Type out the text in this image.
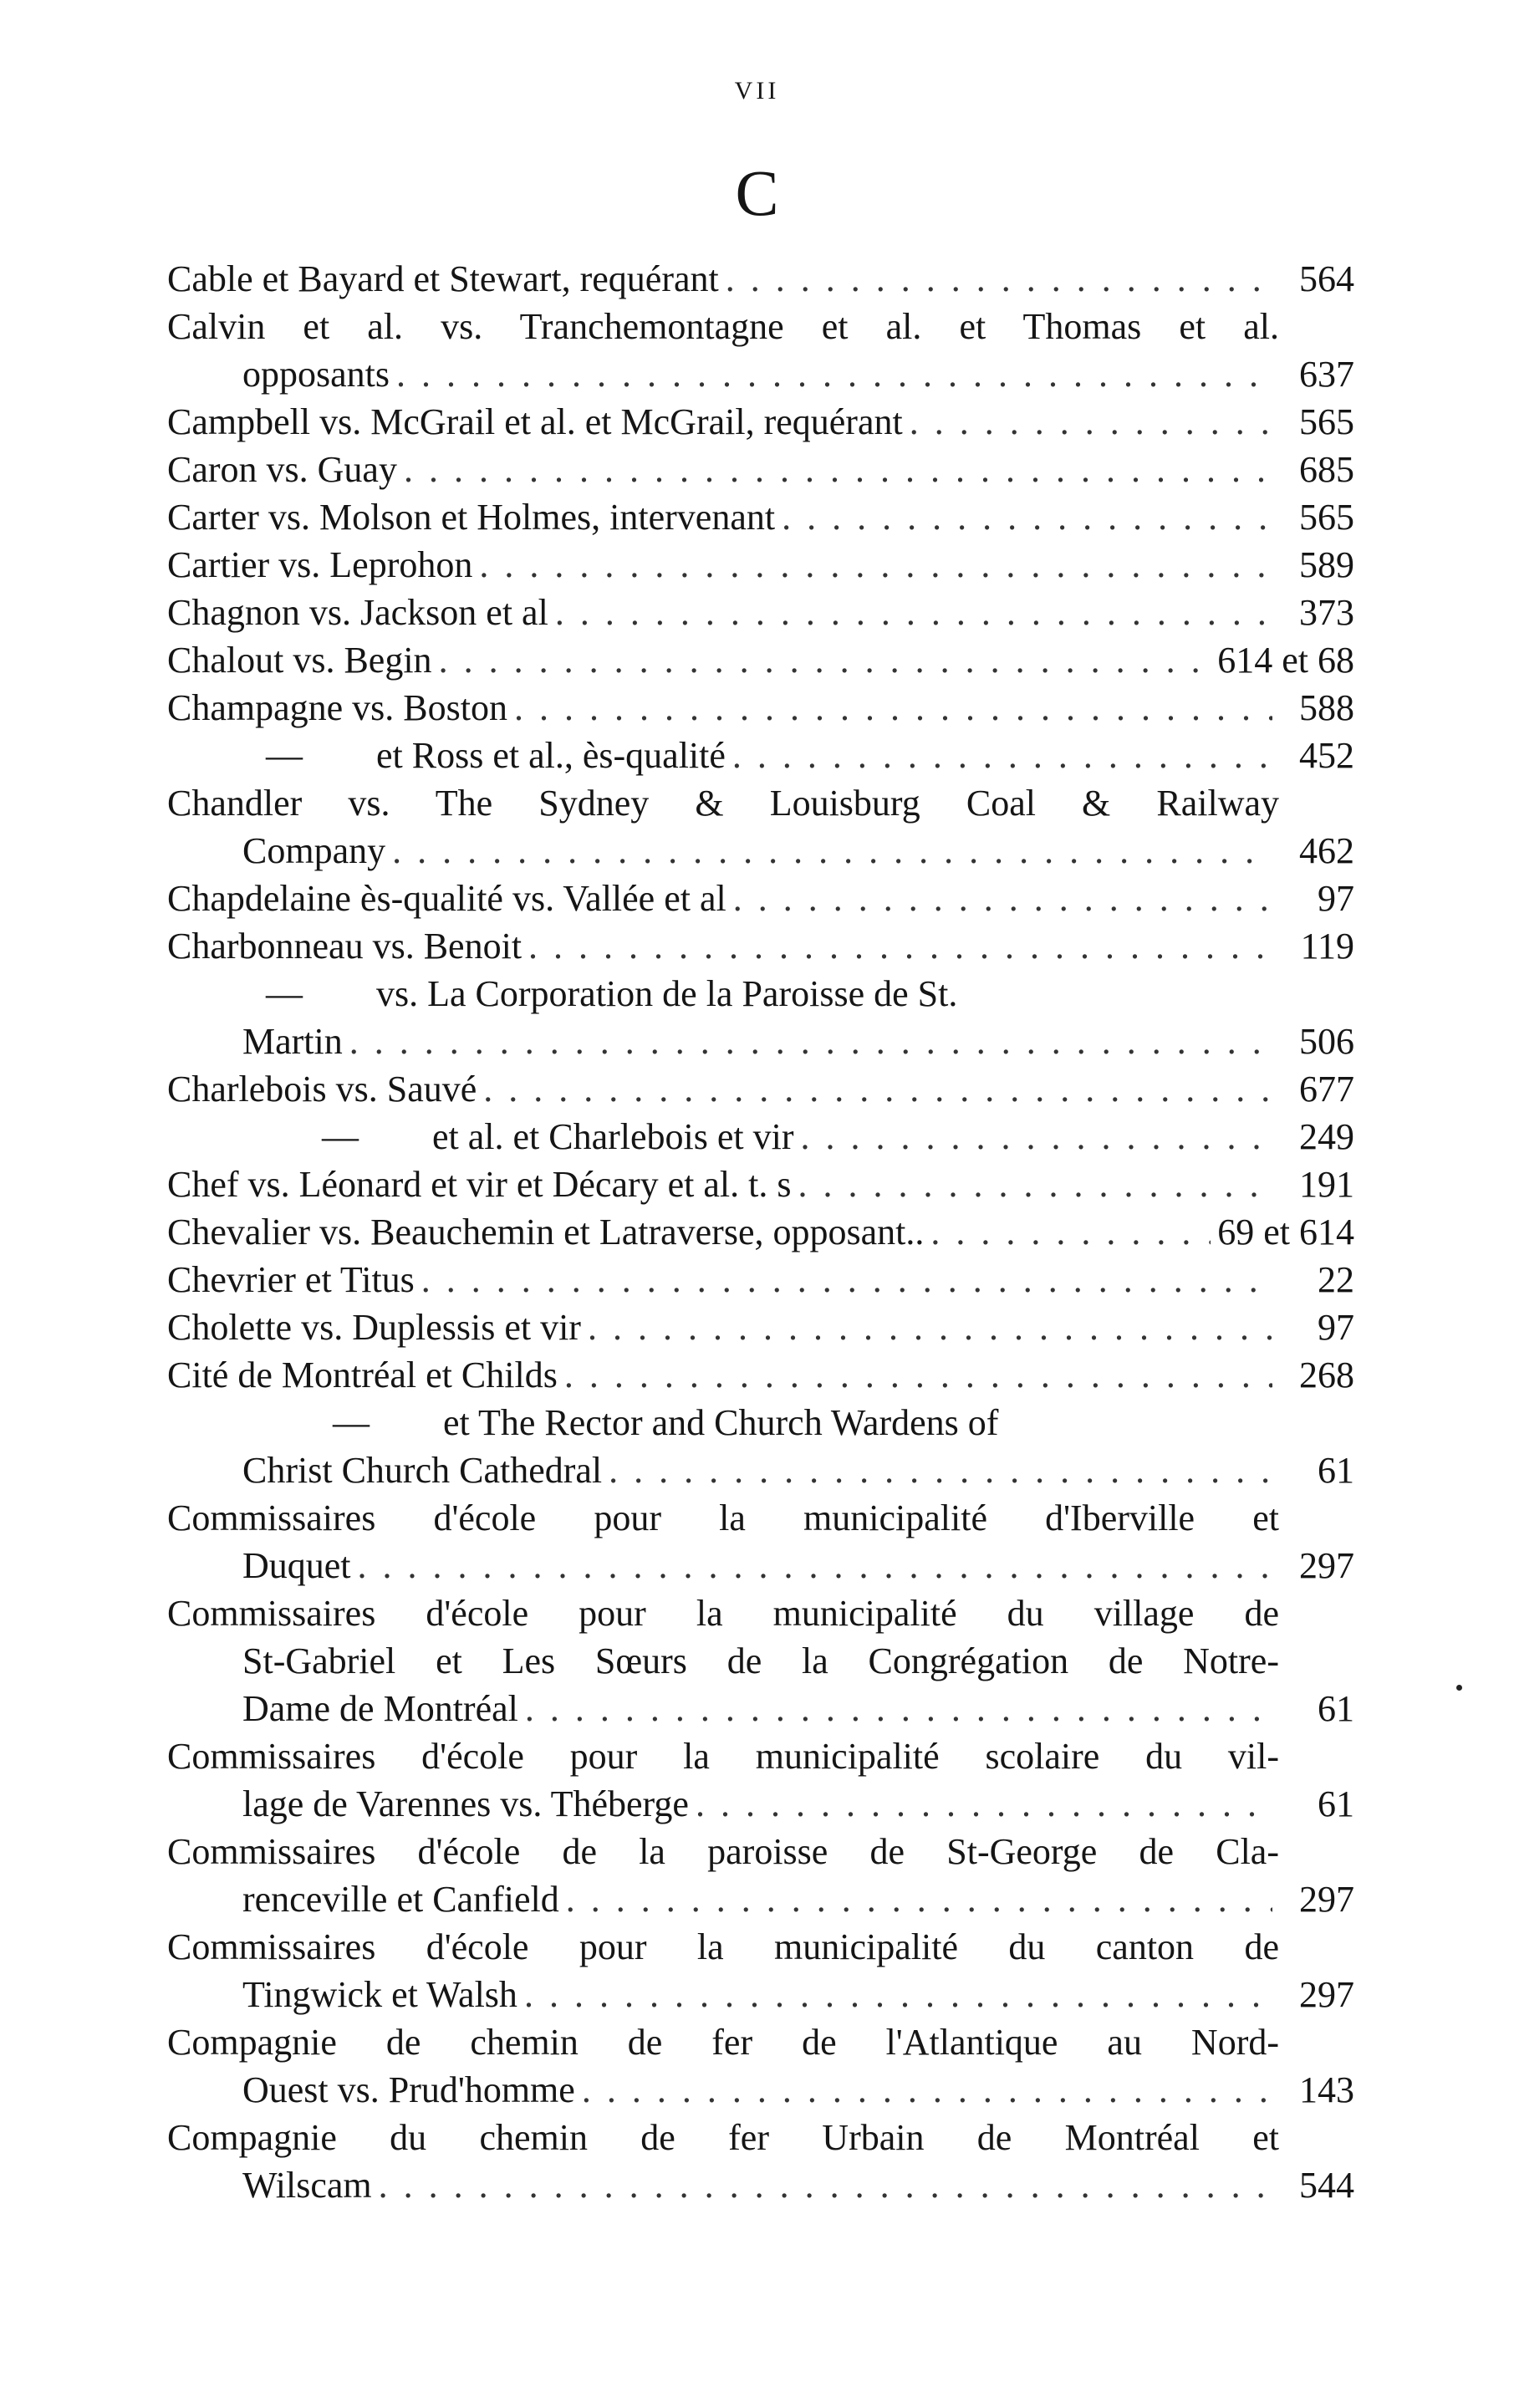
VII
C
Cable et Bayard et Stewart, requérant . . .	564
Calvin et al. vs. Tranchemontagne et al. et Thomas et al.
opposants . . .	637
Campbell vs. McGrail et al. et McGrail, requérant . . .	565
Caron vs. Guay . . .	685
Carter vs. Molson et Holmes, intervenant . . .	565
Cartier vs. Leprohon . . .	589
Chagnon vs. Jackson et al . . .	373
Chalout vs. Begin . . .	614 et 68
Champagne vs. Boston . . .	588
—        et Ross et al., ès-qualité . . .	452
Chandler vs. The Sydney & Louisburg Coal & Railway
Company . . .	462
Chapdelaine ès-qualité vs. Vallée et al . . .	97
Charbonneau vs. Benoit . . .	119
—        vs. La Corporation de la Paroisse de St.
Martin . . .	506
Charlebois vs. Sauvé . . .	677
—        et al. et Charlebois et vir . . .	249
Chef vs. Léonard et vir et Décary et al. t. s . . .	191
Chevalier vs. Beauchemin et Latraverse, opposant.. . . .	69 et 614
Chevrier et Titus . . .	22
Cholette vs. Duplessis et vir . . .	97
Cité de Montréal et Childs . . .	268
—        et The Rector and Church Wardens of
Christ Church Cathedral . . .	61
Commissaires d'école pour la municipalité d'Iberville et
Duquet . . .	297
Commissaires d'école pour la municipalité du village de
St-Gabriel et Les Sœurs de la Congrégation de Notre-
Dame de Montréal . . .	61
Commissaires d'école pour la municipalité scolaire du vil-
lage de Varennes vs. Théberge . . .	61
Commissaires d'école de la paroisse de St-George de Cla-
renceville et Canfield . . .	297
Commissaires d'école pour la municipalité du canton de
Tingwick et Walsh . . .	297
Compagnie de chemin de fer de l'Atlantique au Nord-
Ouest vs. Prud'homme . . .	143
Compagnie du chemin de fer Urbain de Montréal et
Wilscam . . .	544
